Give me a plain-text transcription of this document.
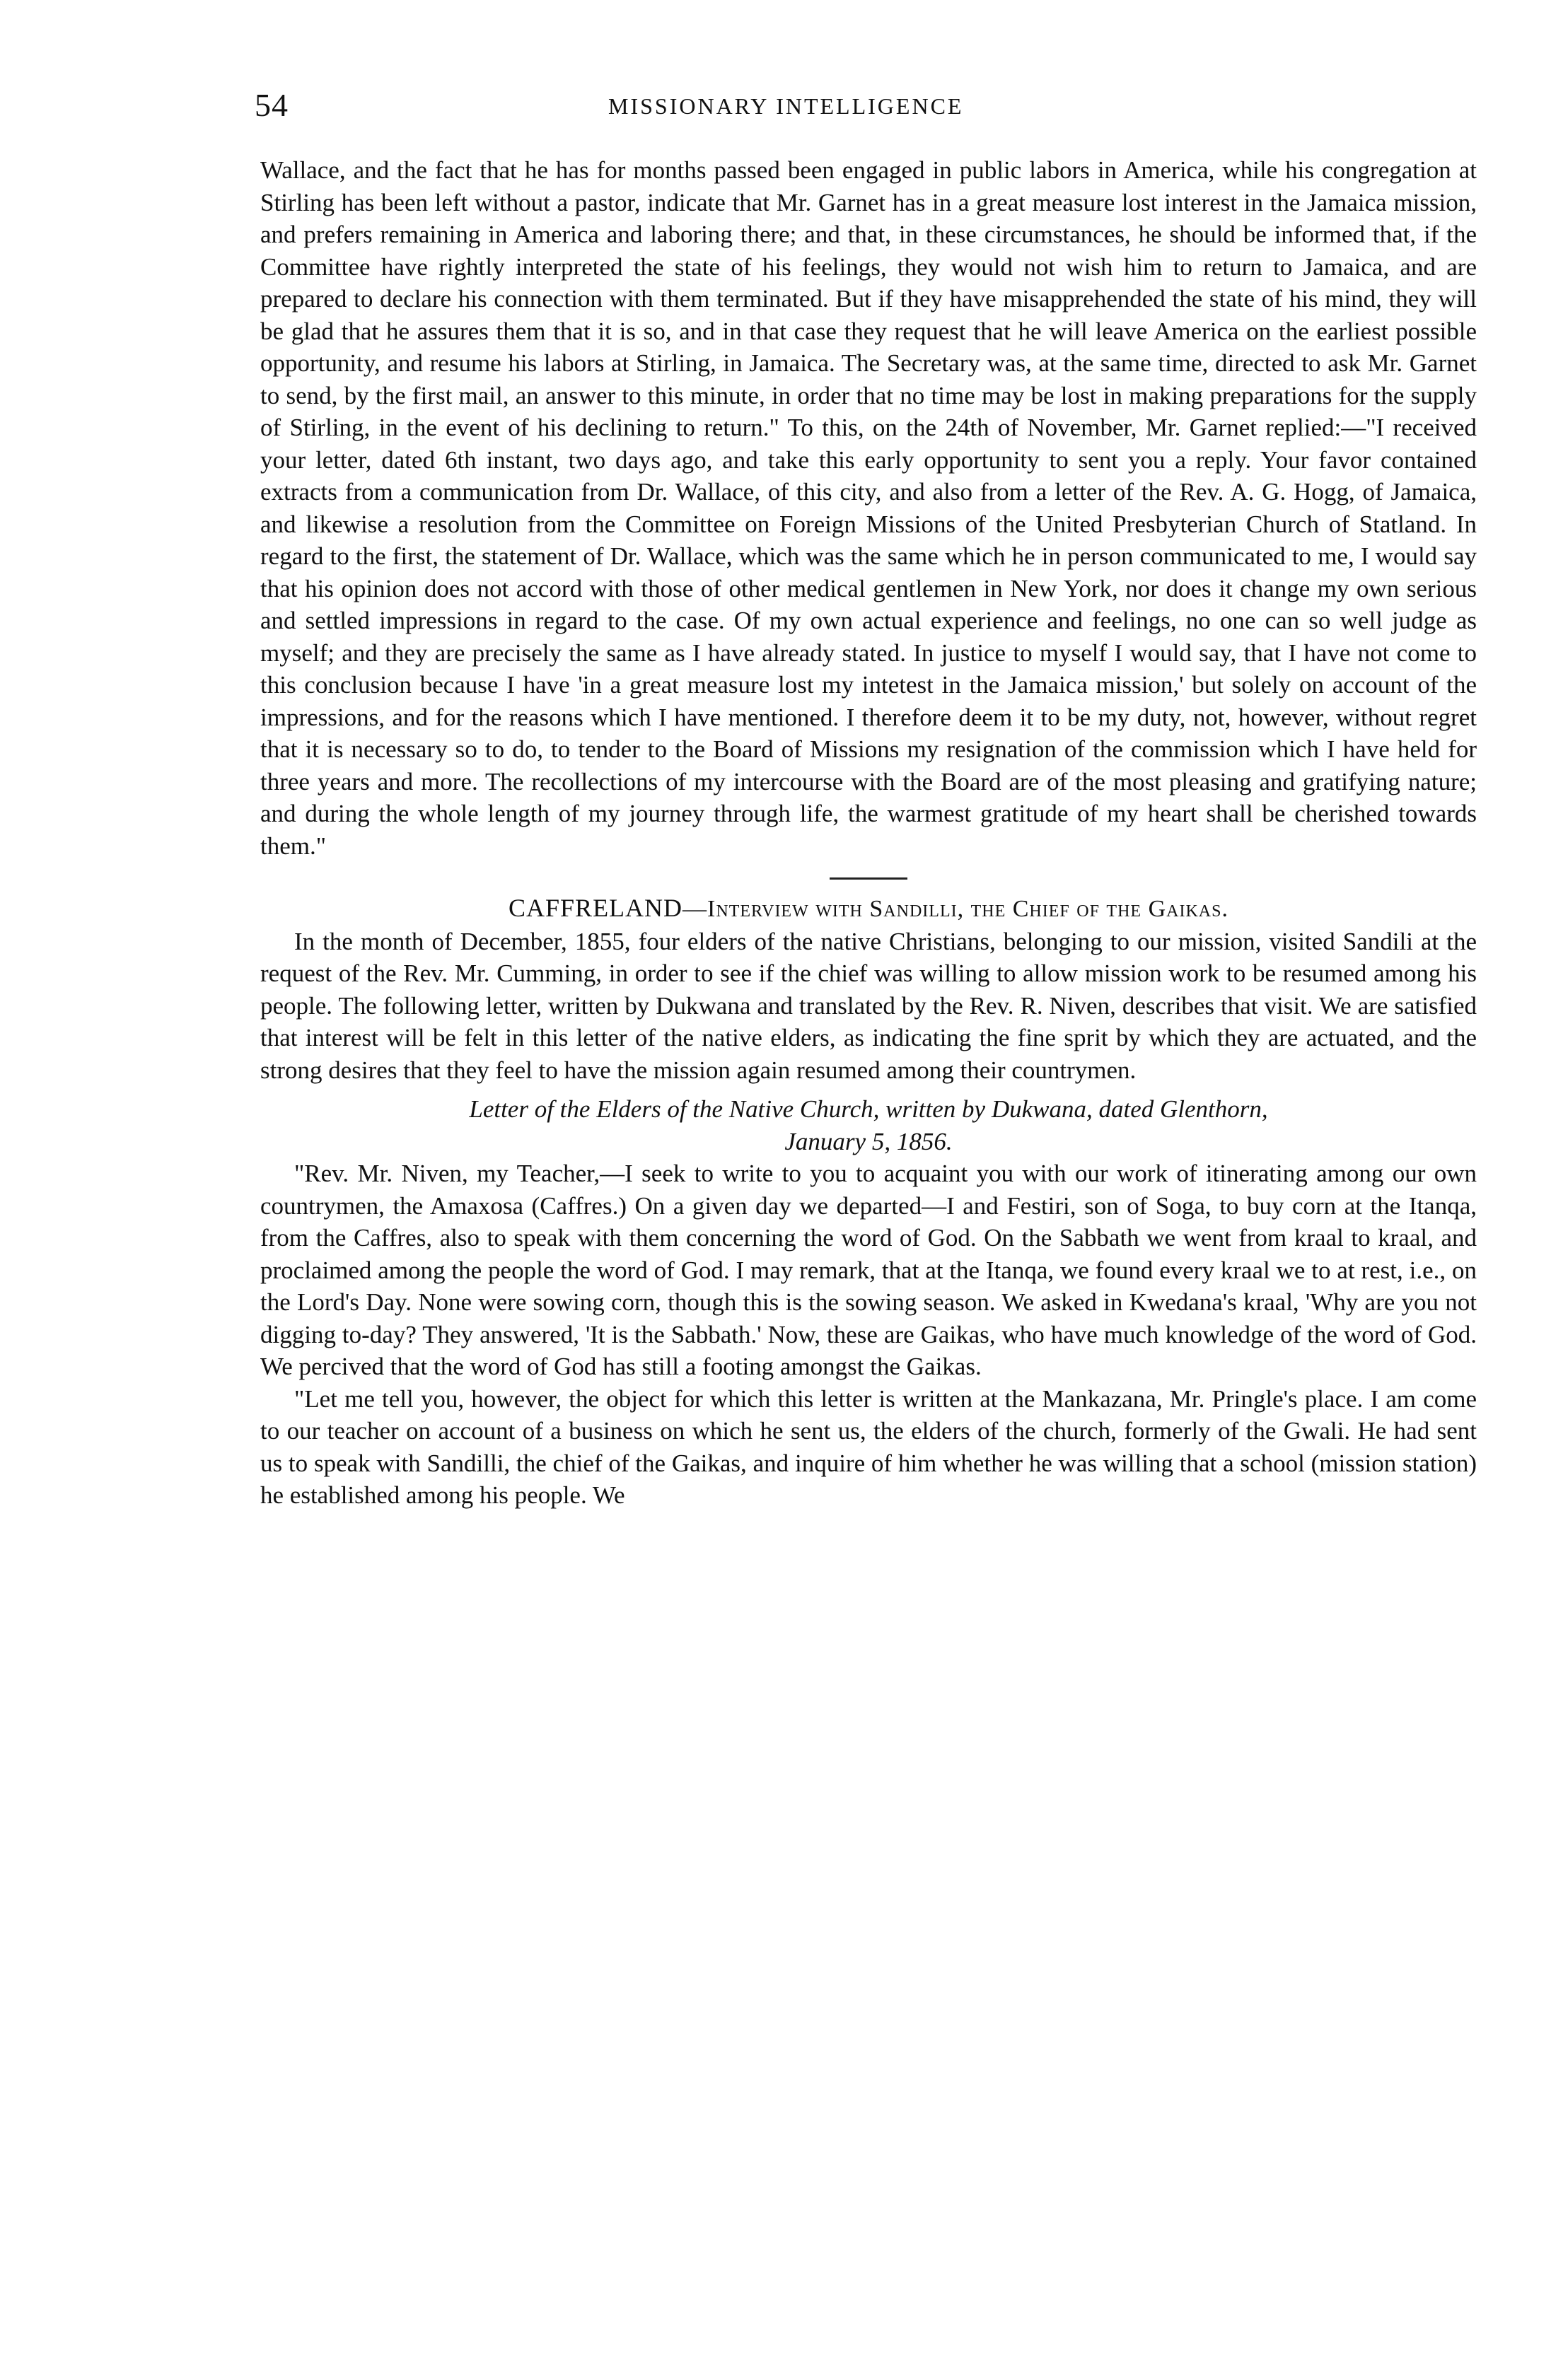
54	MISSIONARY INTELLIGENCE

Wallace, and the fact that he has for months passed been engaged in public labors in America, while his congregation at Stirling has been left without a pastor, indicate that Mr. Garnet has in a great measure lost interest in the Jamaica mission, and prefers remaining in America and laboring there; and that, in these circumstances, he should be informed that, if the Committee have rightly interpreted the state of his feelings, they would not wish him to return to Jamaica, and are prepared to declare his connection with them terminated. But if they have misapprehended the state of his mind, they will be glad that he assures them that it is so, and in that case they request that he will leave America on the earliest possible opportunity, and resume his labors at Stirling, in Jamaica. The Secretary was, at the same time, directed to ask Mr. Garnet to send, by the first mail, an answer to this minute, in order that no time may be lost in making preparations for the supply of Stirling, in the event of his declining to return." To this, on the 24th of November, Mr. Garnet replied:—"I received your letter, dated 6th instant, two days ago, and take this early opportunity to sent you a reply. Your favor contained extracts from a communication from Dr. Wallace, of this city, and also from a letter of the Rev. A. G. Hogg, of Jamaica, and likewise a resolution from the Committee on Foreign Missions of the United Presbyterian Church of Statland. In regard to the first, the statement of Dr. Wallace, which was the same which he in person communicated to me, I would say that his opinion does not accord with those of other medical gentlemen in New York, nor does it change my own serious and settled impressions in regard to the case. Of my own actual experience and feelings, no one can so well judge as myself; and they are precisely the same as I have already stated. In justice to myself I would say, that I have not come to this conclusion because I have 'in a great measure lost my intetest in the Jamaica mission,' but solely on account of the impressions, and for the reasons which I have mentioned. I therefore deem it to be my duty, not, however, without regret that it is necessary so to do, to tender to the Board of Missions my resignation of the commission which I have held for three years and more. The recollections of my intercourse with the Board are of the most pleasing and gratifying nature; and during the whole length of my journey through life, the warmest gratitude of my heart shall be cherished towards them."

CAFFRELAND—Interview with Sandilli, the Chief of the Gaikas.

In the month of December, 1855, four elders of the native Christians, belonging to our mission, visited Sandili at the request of the Rev. Mr. Cumming, in order to see if the chief was willing to allow mission work to be resumed among his people. The following letter, written by Dukwana and translated by the Rev. R. Niven, describes that visit. We are satisfied that interest will be felt in this letter of the native elders, as indicating the fine sprit by which they are actuated, and the strong desires that they feel to have the mission again resumed among their countrymen.

Letter of the Elders of the Native Church, written by Dukwana, dated Glenthorn,
January 5, 1856.

"Rev. Mr. Niven, my Teacher,—I seek to write to you to acquaint you with our work of itinerating among our own countrymen, the Amaxosa (Caffres.) On a given day we departed—I and Festiri, son of Soga, to buy corn at the Itanqa, from the Caffres, also to speak with them concerning the word of God. On the Sabbath we went from kraal to kraal, and proclaimed among the people the word of God. I may remark, that at the Itanqa, we found every kraal we to at rest, i.e., on the Lord's Day. None were sowing corn, though this is the sowing season. We asked in Kwedana's kraal, 'Why are you not digging to-day? They answered, 'It is the Sabbath.' Now, these are Gaikas, who have much knowledge of the word of God. We percived that the word of God has still a footing amongst the Gaikas.

"Let me tell you, however, the object for which this letter is written at the Mankazana, Mr. Pringle's place. I am come to our teacher on account of a business on which he sent us, the elders of the church, formerly of the Gwali. He had sent us to speak with Sandilli, the chief of the Gaikas, and inquire of him whether he was willing that a school (mission station) he established among his people. We
